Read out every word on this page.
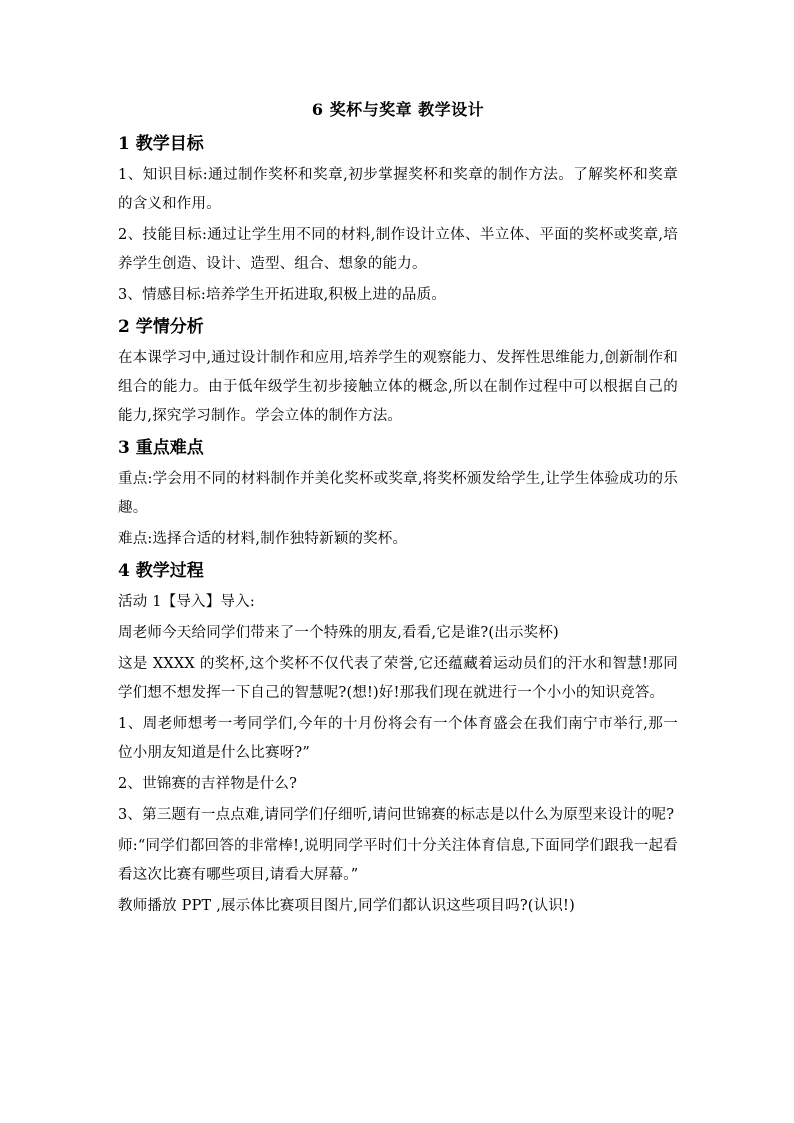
6 奖杯与奖章 教学设计
1 教学目标

1、知识目标:通过制作奖杯和奖章,初步掌握奖杯和奖章的制作方法。了解奖杯和奖章的含义和作用。

2、技能目标:通过让学生用不同的材料,制作设计立体、半立体、平面的奖杯或奖章,培养学生创造、设计、造型、组合、想象的能力。

3、情感目标:培养学生开拓进取,积极上进的品质。

2 学情分析

在本课学习中,通过设计制作和应用,培养学生的观察能力、发挥性思维能力,创新制作和组合的能力。由于低年级学生初步接触立体的概念,所以在制作过程中可以根据自己的能力,探究学习制作。学会立体的制作方法。

3 重点难点

重点:学会用不同的材料制作并美化奖杯或奖章,将奖杯颁发给学生,让学生体验成功的乐趣。

难点:选择合适的材料,制作独特新颖的奖杯。

4 教学过程

活动 1【导入】导入:

周老师今天给同学们带来了一个特殊的朋友,看看,它是谁?(出示奖杯)

这是 XXXX 的奖杯,这个奖杯不仅代表了荣誉,它还蕴藏着运动员们的汗水和智慧!那同学们想不想发挥一下自己的智慧呢?(想!)好!那我们现在就进行一个小小的知识竞答。

1、周老师想考一考同学们,今年的十月份将会有一个体育盛会在我们南宁市举行,那一位小朋友知道是什么比赛呀?”

2、世锦赛的吉祥物是什么?

3、第三题有一点点难,请同学们仔细听,请问世锦赛的标志是以什么为原型来设计的呢?

师:“同学们都回答的非常棒!,说明同学平时们十分关注体育信息,下面同学们跟我一起看看这次比赛有哪些项目,请看大屏幕。”

教师播放 PPT ,展示体比赛项目图片,同学们都认识这些项目吗?(认识!)
